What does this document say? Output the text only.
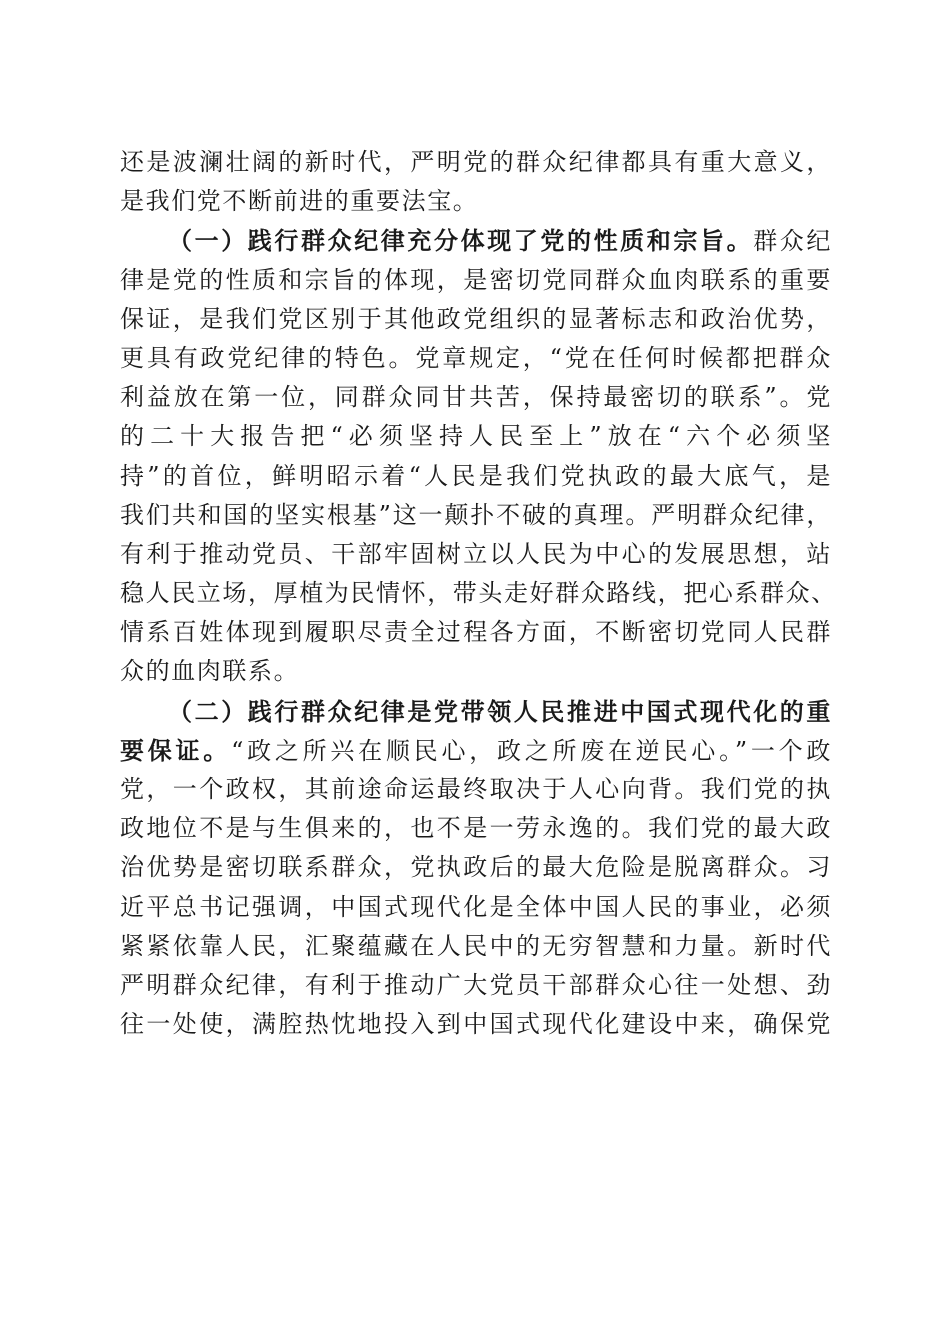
还是波澜壮阔的新时代，严明党的群众纪律都具有重大意义，
是我们党不断前进的重要法宝。
（一）践行群众纪律充分体现了党的性质和宗旨。群众纪
律是党的性质和宗旨的体现，是密切党同群众血肉联系的重要
保证，是我们党区别于其他政党组织的显著标志和政治优势，
更具有政党纪律的特色。党章规定，“党在任何时候都把群众
利益放在第一位，同群众同甘共苦，保持最密切的联系”。党
的二十大报告把“必须坚持人民至上”放在“六个必须坚
持”的首位，鲜明昭示着“人民是我们党执政的最大底气，是
我们共和国的坚实根基”这一颠扑不破的真理。严明群众纪律，
有利于推动党员、干部牢固树立以人民为中心的发展思想，站
稳人民立场，厚植为民情怀，带头走好群众路线，把心系群众、
情系百姓体现到履职尽责全过程各方面，不断密切党同人民群
众的血肉联系。
（二）践行群众纪律是党带领人民推进中国式现代化的重
要保证。“政之所兴在顺民心，政之所废在逆民心。”一个政
党，一个政权，其前途命运最终取决于人心向背。我们党的执
政地位不是与生俱来的，也不是一劳永逸的。我们党的最大政
治优势是密切联系群众，党执政后的最大危险是脱离群众。习
近平总书记强调，中国式现代化是全体中国人民的事业，必须
紧紧依靠人民，汇聚蕴藏在人民中的无穷智慧和力量。新时代
严明群众纪律，有利于推动广大党员干部群众心往一处想、劲
往一处使，满腔热忱地投入到中国式现代化建设中来，确保党
